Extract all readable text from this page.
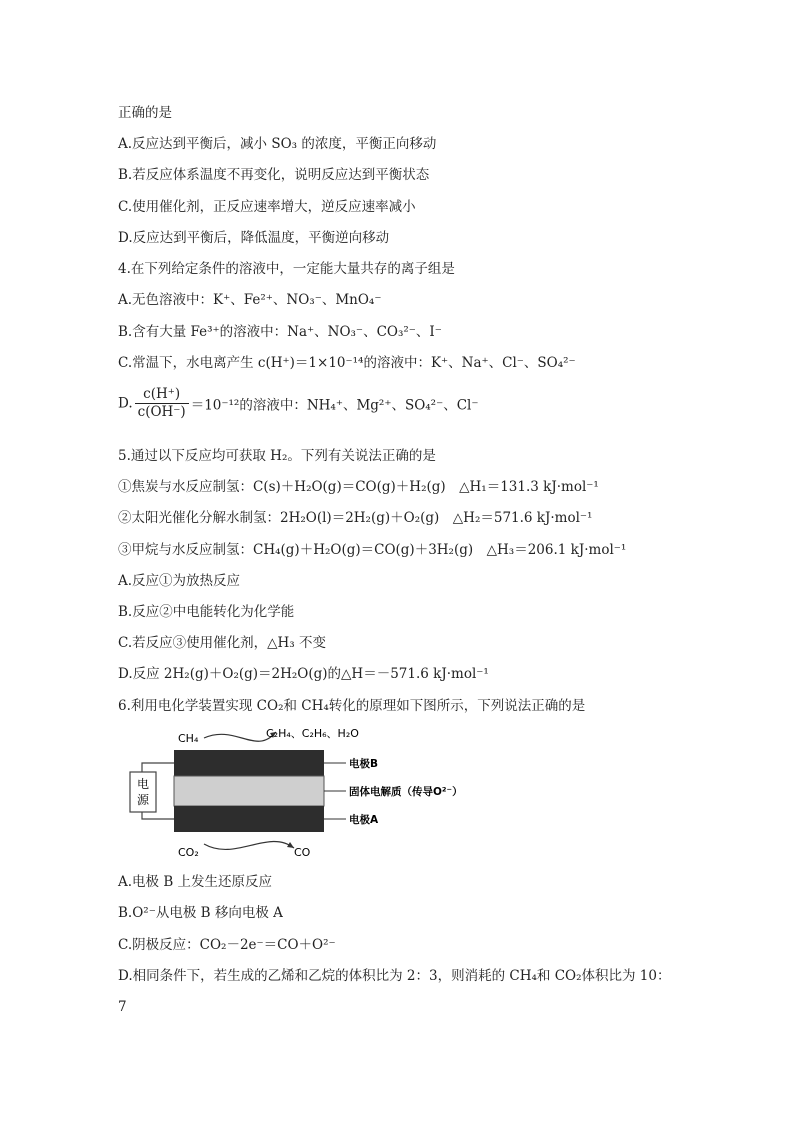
正确的是
A.反应达到平衡后，减小 SO₃ 的浓度，平衡正向移动
B.若反应体系温度不再变化，说明反应达到平衡状态
C.使用催化剂，正反应速率增大，逆反应速率减小
D.反应达到平衡后，降低温度，平衡逆向移动
4.在下列给定条件的溶液中，一定能大量共存的离子组是
A.无色溶液中：K⁺、Fe²⁺、NO₃⁻、MnO₄⁻
B.含有大量 Fe³⁺的溶液中：Na⁺、NO₃⁻、CO₃²⁻、I⁻
C.常温下，水电离产生 c(H⁺)＝1×10⁻¹⁴的溶液中：K⁺、Na⁺、Cl⁻、SO₄²⁻
D. $\frac{c(H^+)}{c(OH^-)} =10^{-12}$的溶液中：NH₄⁺、Mg²⁺、SO₄²⁻、Cl⁻
5.通过以下反应均可获取 H₂。下列有关说法正确的是
①焦炭与水反应制氢：C(s)＋H₂O(g)＝CO(g)＋H₂(g)　△H₁＝131.3 kJ·mol⁻¹
②太阳光催化分解水制氢：2H₂O(l)＝2H₂(g)＋O₂(g)　△H₂＝571.6 kJ·mol⁻¹
③甲烷与水反应制氢：CH₄(g)＋H₂O(g)＝CO(g)＋3H₂(g)　△H₃＝206.1 kJ·mol⁻¹
A.反应①为放热反应
B.反应②中电能转化为化学能
C.若反应③使用催化剂，△H₃ 不变
D.反应 2H₂(g)＋O₂(g)＝2H₂O(g)的△H＝－571.6 kJ·mol⁻¹
6.利用电化学装置实现 CO₂和 CH₄转化的原理如下图所示，下列说法正确的是
电
源
CH₄	C₂H₄、C₂H₆、H₂O
CO₂	CO
电极B
固体电解质（传导O²⁻）
电极A
A.电极 B 上发生还原反应
B.O²⁻从电极 B 移向电极 A
C.阴极反应：CO₂－2e⁻＝CO＋O²⁻
D.相同条件下，若生成的乙烯和乙烷的体积比为 2：3，则消耗的 CH₄和 CO₂体积比为 10：
7
